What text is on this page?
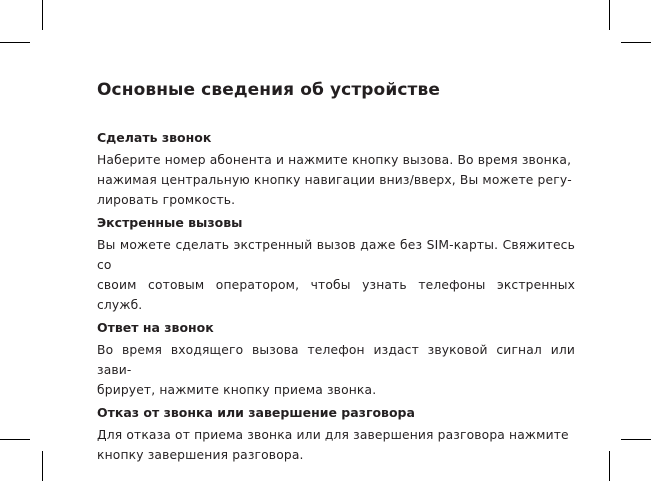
Основные сведения об устройстве
Сделать звонок
Наберите номер абонента и нажмите кнопку вызова. Во время звонка,
нажимая центральную кнопку навигации вниз/вверх, Вы можете регу-
лировать громкость.
Экстренные вызовы
Вы можете сделать экстренный вызов даже без SIM-карты. Свяжитесь со
своим сотовым оператором, чтобы узнать телефоны экстренных служб.
Ответ на звонок
Во время входящего вызова телефон издаст звуковой сигнал или зави-
брирует, нажмите кнопку приема звонка.
Отказ от звонка или завершение разговора
Для отказа от приема звонка или для завершения разговора нажмите
кнопку завершения разговора.
